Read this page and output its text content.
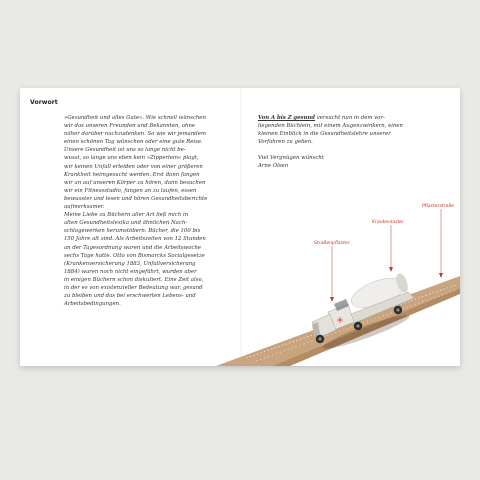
Vorwort
»Gesundheit und alles Gute«. Wie schnell wünschen
wir das unseren Freunden und Bekannten, ohne
näher darüber nachzudenken. So wie wir jemandem
einen schönen Tag wünschen oder eine gute Reise.
Unsere Gesundheit ist uns so lange nicht be-
wusst, so lange uns eben kein »Zipperlein« plagt,
wir keinen Unfall erleiden oder von einer größeren
Krankheit heimgesucht werden. Erst dann fangen
wir an auf unseren Körper zu hören, dann besuchen
wir ein Fitnessstudio, fangen an zu laufen, essen
bewusster und lesen und hören Gesundheitsberichte
aufmerksamer.
Meine Liebe zu Büchern aller Art ließ mich in
alten Gesundheitslexika und ähnlichen Nach-
schlagewerken herumstöbern. Bücher, die 100 bis
150 Jahre alt sind. Als Arbeitszeiten von 12 Stunden
an der Tagesordnung waren und die Arbeitswoche
sechs Tage hatte. Otto von Bismarcks Socialgesetze
(Krankenversicherung 1883, Unfallversicherung
1884) waren noch nicht eingeführt, wurden aber
in einigen Büchern schon diskutiert. Eine Zeit also,
in der es von existenzieller Bedeutung war, gesund
zu bleiben und das bei erschwerten Lebens- und
Arbeitsbedingungen.
Von A bis Z gesund versucht nun in dem vor-
liegenden Büchlein, mit einem Augenzwinkern, einen
kleinen Einblick in die Gesundheitslehre unserer
Vorfahren zu geben.
Viel Vergnügen wünscht
Arne Olsen
Straßenpflaster
Krankenlaster
Pflasterstraße
